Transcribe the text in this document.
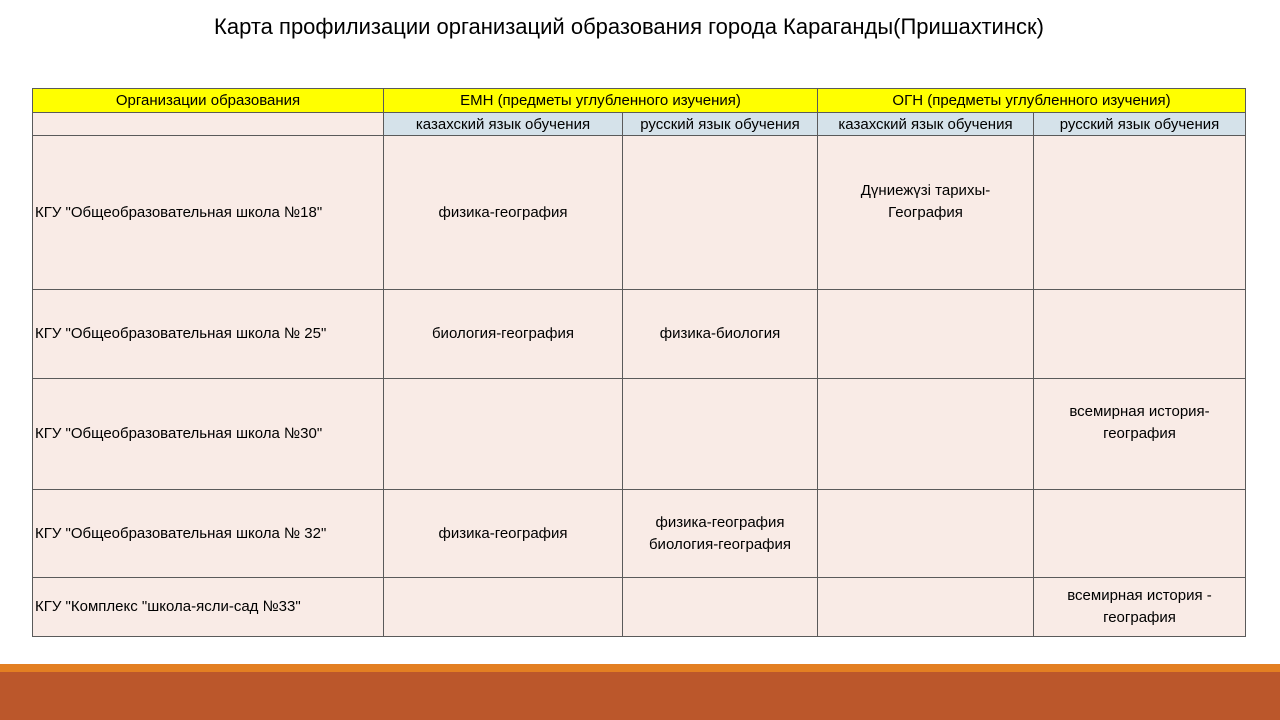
Карта профилизации организаций образования города Караганды(Пришахтинск)
Организации образования	ЕМН (предметы углубленного изучения)		ОГН (предметы углубленного изучения)	
	казахский язык обучения	русский язык обучения	казахский язык обучения	русский язык обучения
КГУ "Общеобразовательная школа №18"	физика-география		Дүниежүзі тарихы-
География	
КГУ "Общеобразовательная школа № 25"	биология-география	физика-биология		
КГУ "Общеобразовательная школа №30"				всемирная история-
география
КГУ "Общеобразовательная школа № 32"	физика-география	физика-география
биология-география		
КГУ "Комплекс "школа-ясли-сад №33"				всемирная история -
география
